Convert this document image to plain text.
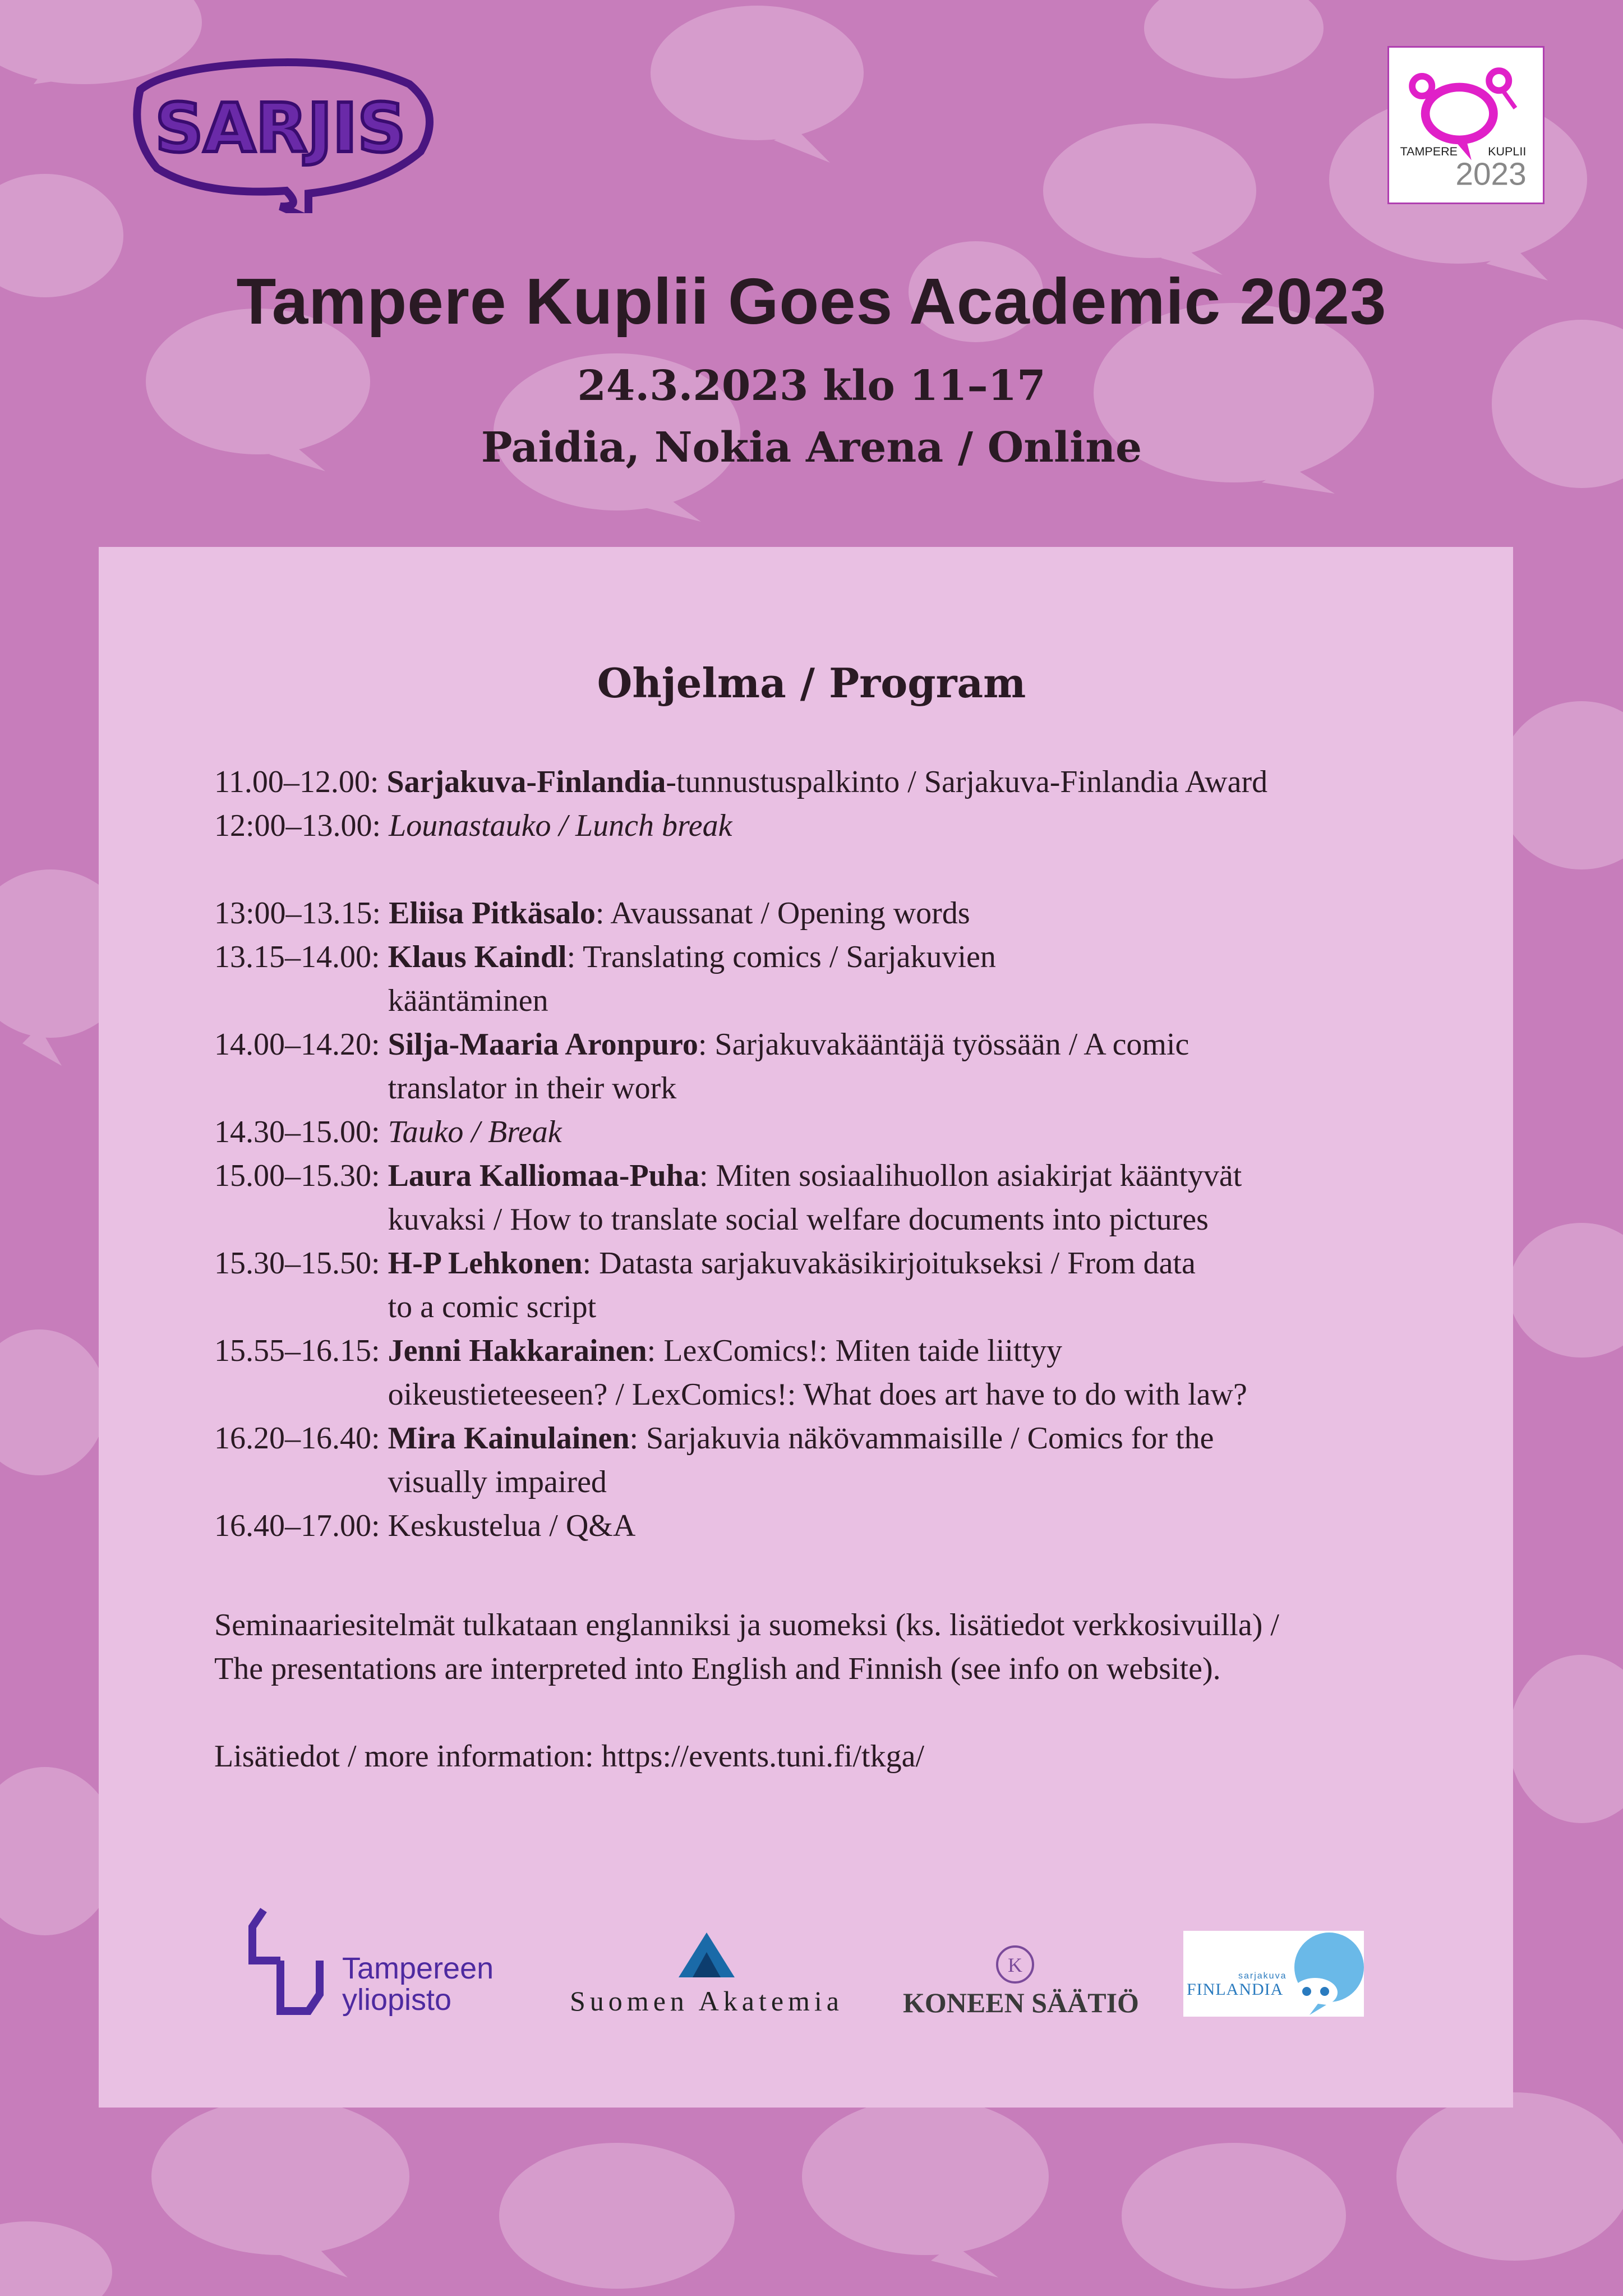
SARJIS	TAMPERE KUPLII
2023
Tampere Kuplii Goes Academic 2023

24.3.2023 klo 11–17

Paidia, Nokia Arena / Online

Ohjelma / Program
11.00–12.00:
Sarjakuva-Finlandia-tunnustuspalkinto / Sarjakuva-Finlandia Award
12:00–13.00:
Lounastauko / Lunch break
13:00–13.15:
Eliisa Pitkäsalo: Avaussanat / Opening words
13.15–14.00:
Klaus Kaindl: Translating comics / Sarjakuvien
kääntäminen
14.00–14.20:
Silja-Maaria Aronpuro: Sarjakuvakääntäjä työssään / A comic
translator in their work
14.30–15.00:
Tauko / Break
15.00–15.30:
Laura Kalliomaa-Puha: Miten sosiaalihuollon asiakirjat kääntyvät
kuvaksi / How to translate social welfare documents into pictures
15.30–15.50:
H-P Lehkonen: Datasta sarjakuvakäsikirjoitukseksi / From data
to a comic script
15.55–16.15:
Jenni Hakkarainen: LexComics!: Miten taide liittyy
oikeustieteeseen? / LexComics!: What does art have to do with law?
16.20–16.40:
Mira Kainulainen: Sarjakuvia näkövammaisille / Comics for the
visually impaired
16.40–17.00:
Keskustelua / Q&A

Seminaariesitelmät tulkataan englanniksi ja suomeksi (ks. lisätiedot verkkosivuilla) /
The presentations are interpreted into English and Finnish (see info on website).

Lisätiedot / more information: https://events.tuni.fi/tkga/

Tampereen
yliopisto	Suomen Akatemia
K
KONEEN SÄÄTIÖ
sarjakuva
FINLANDIA
